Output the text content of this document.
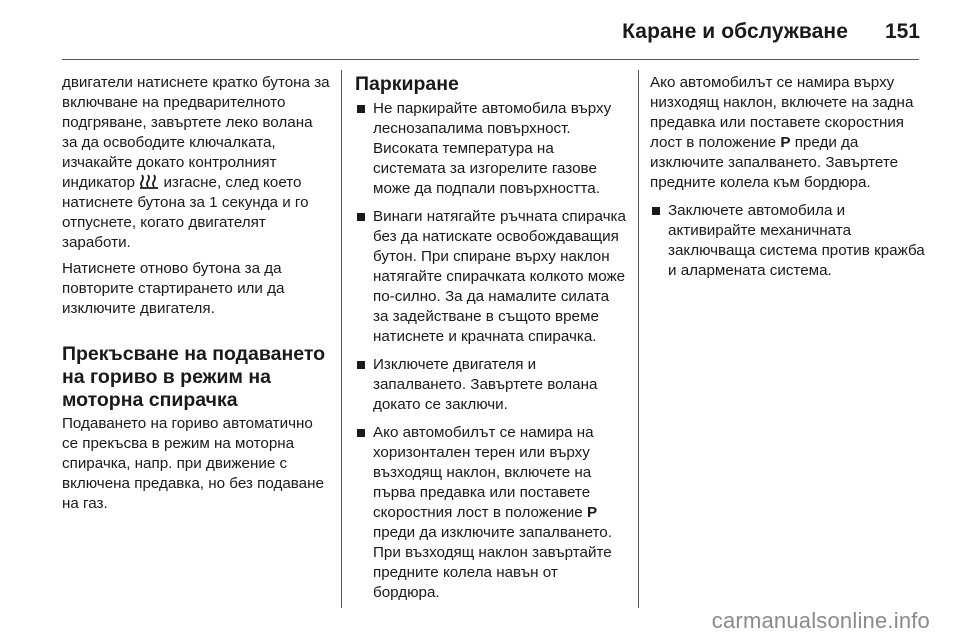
Каране и обслужване 151

двигатели натиснете кратко бутона за включване на предварителното подгряване, завъртете леко волана за да освободите ключалката, изчакайте докато контролният индикатор  изгасне, след което натиснете бутона за 1 секунда и го отпуснете, когато двигателят заработи.

Натиснете отново бутона за да повторите стартирането или да изключите двигателя.

Прекъсване на подаването на гориво в режим на моторна спирачка

Подаването на гориво автоматично се прекъсва в режим на моторна спирачка, напр. при движение с включена предавка, но без подаване на газ.

Паркиране
Не паркирайте автомобила върху леснозапалима повърхност. Високата температура на системата за изгорелите газове може да подпали повърхността.
Винаги натягайте ръчната спирачка без да натискате освобождаващия бутон. При спиране върху наклон натягайте спирачката колкото може по-силно. За да намалите силата за задействане в същото време натиснете и крачната спирачка.
Изключете двигателя и запалването. Завъртете волана докато се заключи.
Ако автомобилът се намира на хоризонтален терен или върху възходящ наклон, включете на първа предавка или поставете скоростния лост в положение P преди да изключите запалването. При възходящ наклон завъртайте предните колела навън от бордюра.

Ако автомобилът се намира върху низходящ наклон, включете на задна предавка или поставете скоростния лост в положение P преди да изключите запалването. Завъртете предните колела към бордюра.

Заключете автомобила и активирайте механичната заключваща система против кражба и алармената система.
carmanualsonline.info
